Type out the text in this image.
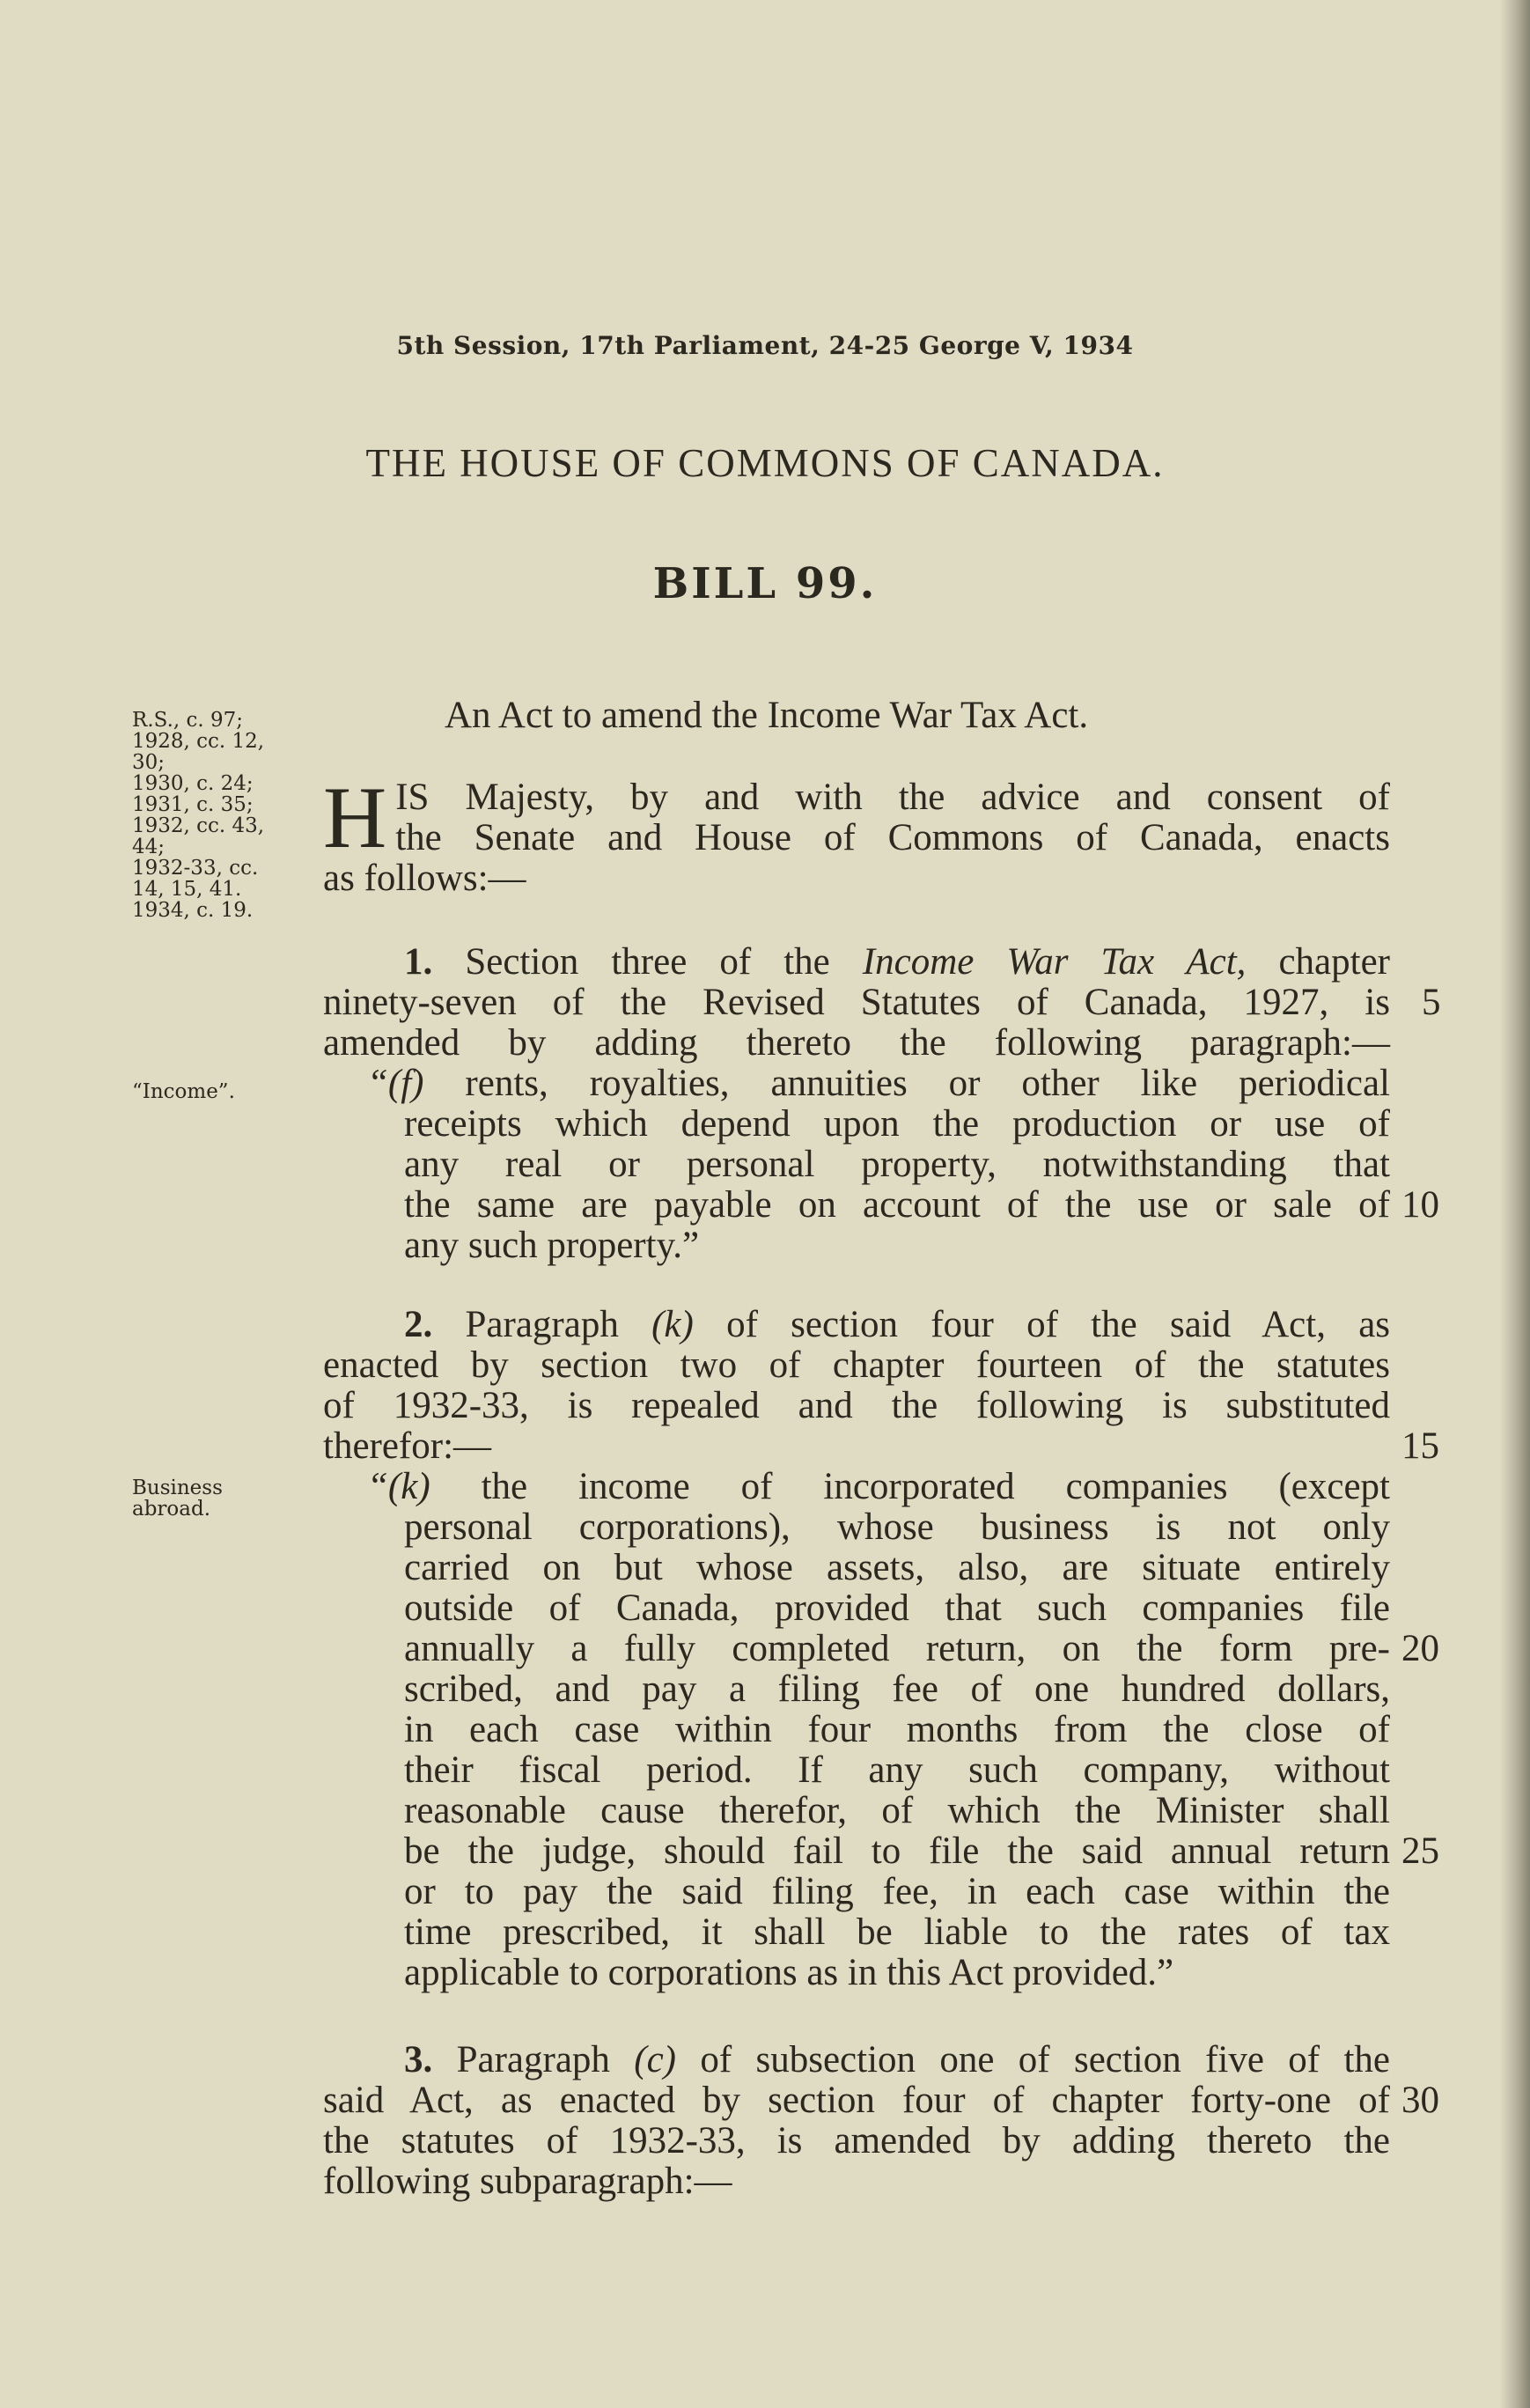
5th Session, 17th Parliament, 24-25 George V, 1934
THE HOUSE OF COMMONS OF CANADA.
BILL 99.
An Act to amend the Income War Tax Act.
R.S., c. 97;
1928, cc. 12,
30;
1930, c. 24;
1931, c. 35;
1932, cc. 43,
44;
1932-33, cc.
14, 15, 41.
1934, c. 19.
“Income”.
Business
abroad.
H IS Majesty, by and with the advice and consent of
the Senate and House of Commons of Canada, enacts
as follows:—
1. Section three of the Income War Tax Act, chapter
ninety-seven of the Revised Statutes of Canada, 1927, is
amended by adding thereto the following paragraph:—
“(f) rents, royalties, annuities or other like periodical
receipts which depend upon the production or use of
any real or personal property, notwithstanding that
the same are payable on account of the use or sale of
any such property.”
2. Paragraph (k) of section four of the said Act, as
enacted by section two of chapter fourteen of the statutes
of 1932-33, is repealed and the following is substituted
therefor:—
“(k) the income of incorporated companies (except
personal corporations), whose business is not only
carried on but whose assets, also, are situate entirely
outside of Canada, provided that such companies file
annually a fully completed return, on the form pre-
scribed, and pay a filing fee of one hundred dollars,
in each case within four months from the close of
their fiscal period. If any such company, without
reasonable cause therefor, of which the Minister shall
be the judge, should fail to file the said annual return
or to pay the said filing fee, in each case within the
time prescribed, it shall be liable to the rates of tax
applicable to corporations as in this Act provided.”
3. Paragraph (c) of subsection one of section five of the
said Act, as enacted by section four of chapter forty-one of
the statutes of 1932-33, is amended by adding thereto the
following subparagraph:—
5
10
15
20
25
30
